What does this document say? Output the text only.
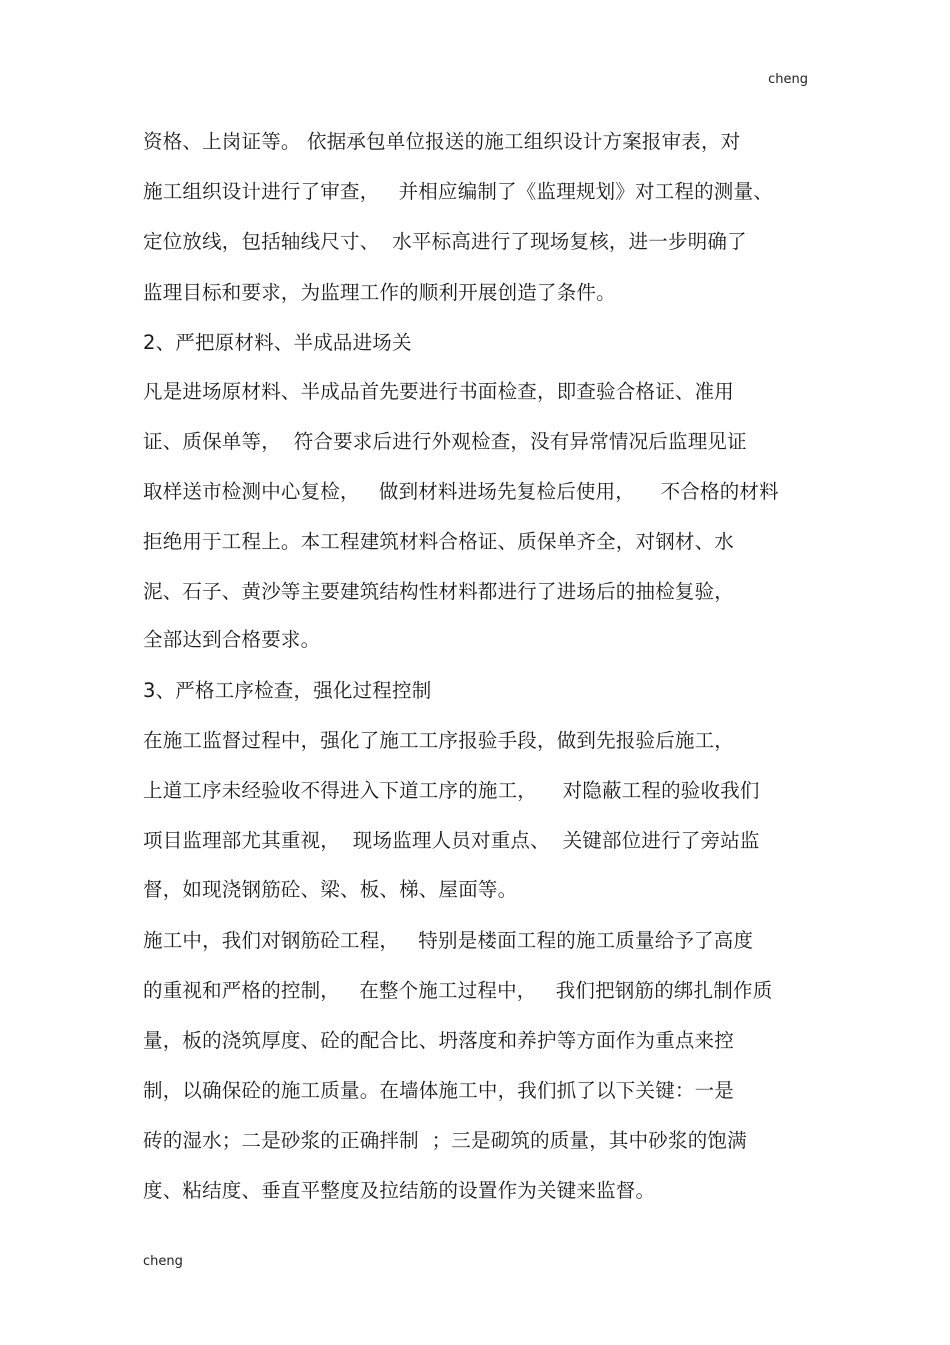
cheng
资格、上岗证等。 依据承包单位报送的施工组织设计方案报审表，对
施工组织设计进行了审查，   并相应编制了《监理规划》对工程的测量、
定位放线，包括轴线尺寸、  水平标高进行了现场复核，进一步明确了
监理目标和要求，为监理工作的顺利开展创造了条件。
2、严把原材料、半成品进场关
凡是进场原材料、半成品首先要进行书面检查，即查验合格证、准用
证、质保单等，  符合要求后进行外观检查，没有异常情况后监理见证
取样送市检测中心复检，   做到材料进场先复检后使用，    不合格的材料
拒绝用于工程上。本工程建筑材料合格证、质保单齐全，对钢材、水
泥、石子、黄沙等主要建筑结构性材料都进行了进场后的抽检复验，
全部达到合格要求。
3、严格工序检查，强化过程控制
在施工监督过程中，强化了施工工序报验手段，做到先报验后施工，
上道工序未经验收不得进入下道工序的施工，    对隐蔽工程的验收我们
项目监理部尤其重视，  现场监理人员对重点、  关键部位进行了旁站监
督，如现浇钢筋砼、梁、板、梯、屋面等。
施工中，我们对钢筋砼工程，   特别是楼面工程的施工质量给予了高度
的重视和严格的控制，   在整个施工过程中，   我们把钢筋的绑扎制作质
量，板的浇筑厚度、砼的配合比、坍落度和养护等方面作为重点来控
制，以确保砼的施工质量。在墙体施工中，我们抓了以下关键：一是
砖的湿水；二是砂浆的正确拌制  ；三是砌筑的质量，其中砂浆的饱满
度、粘结度、垂直平整度及拉结筋的设置作为关键来监督。
cheng
